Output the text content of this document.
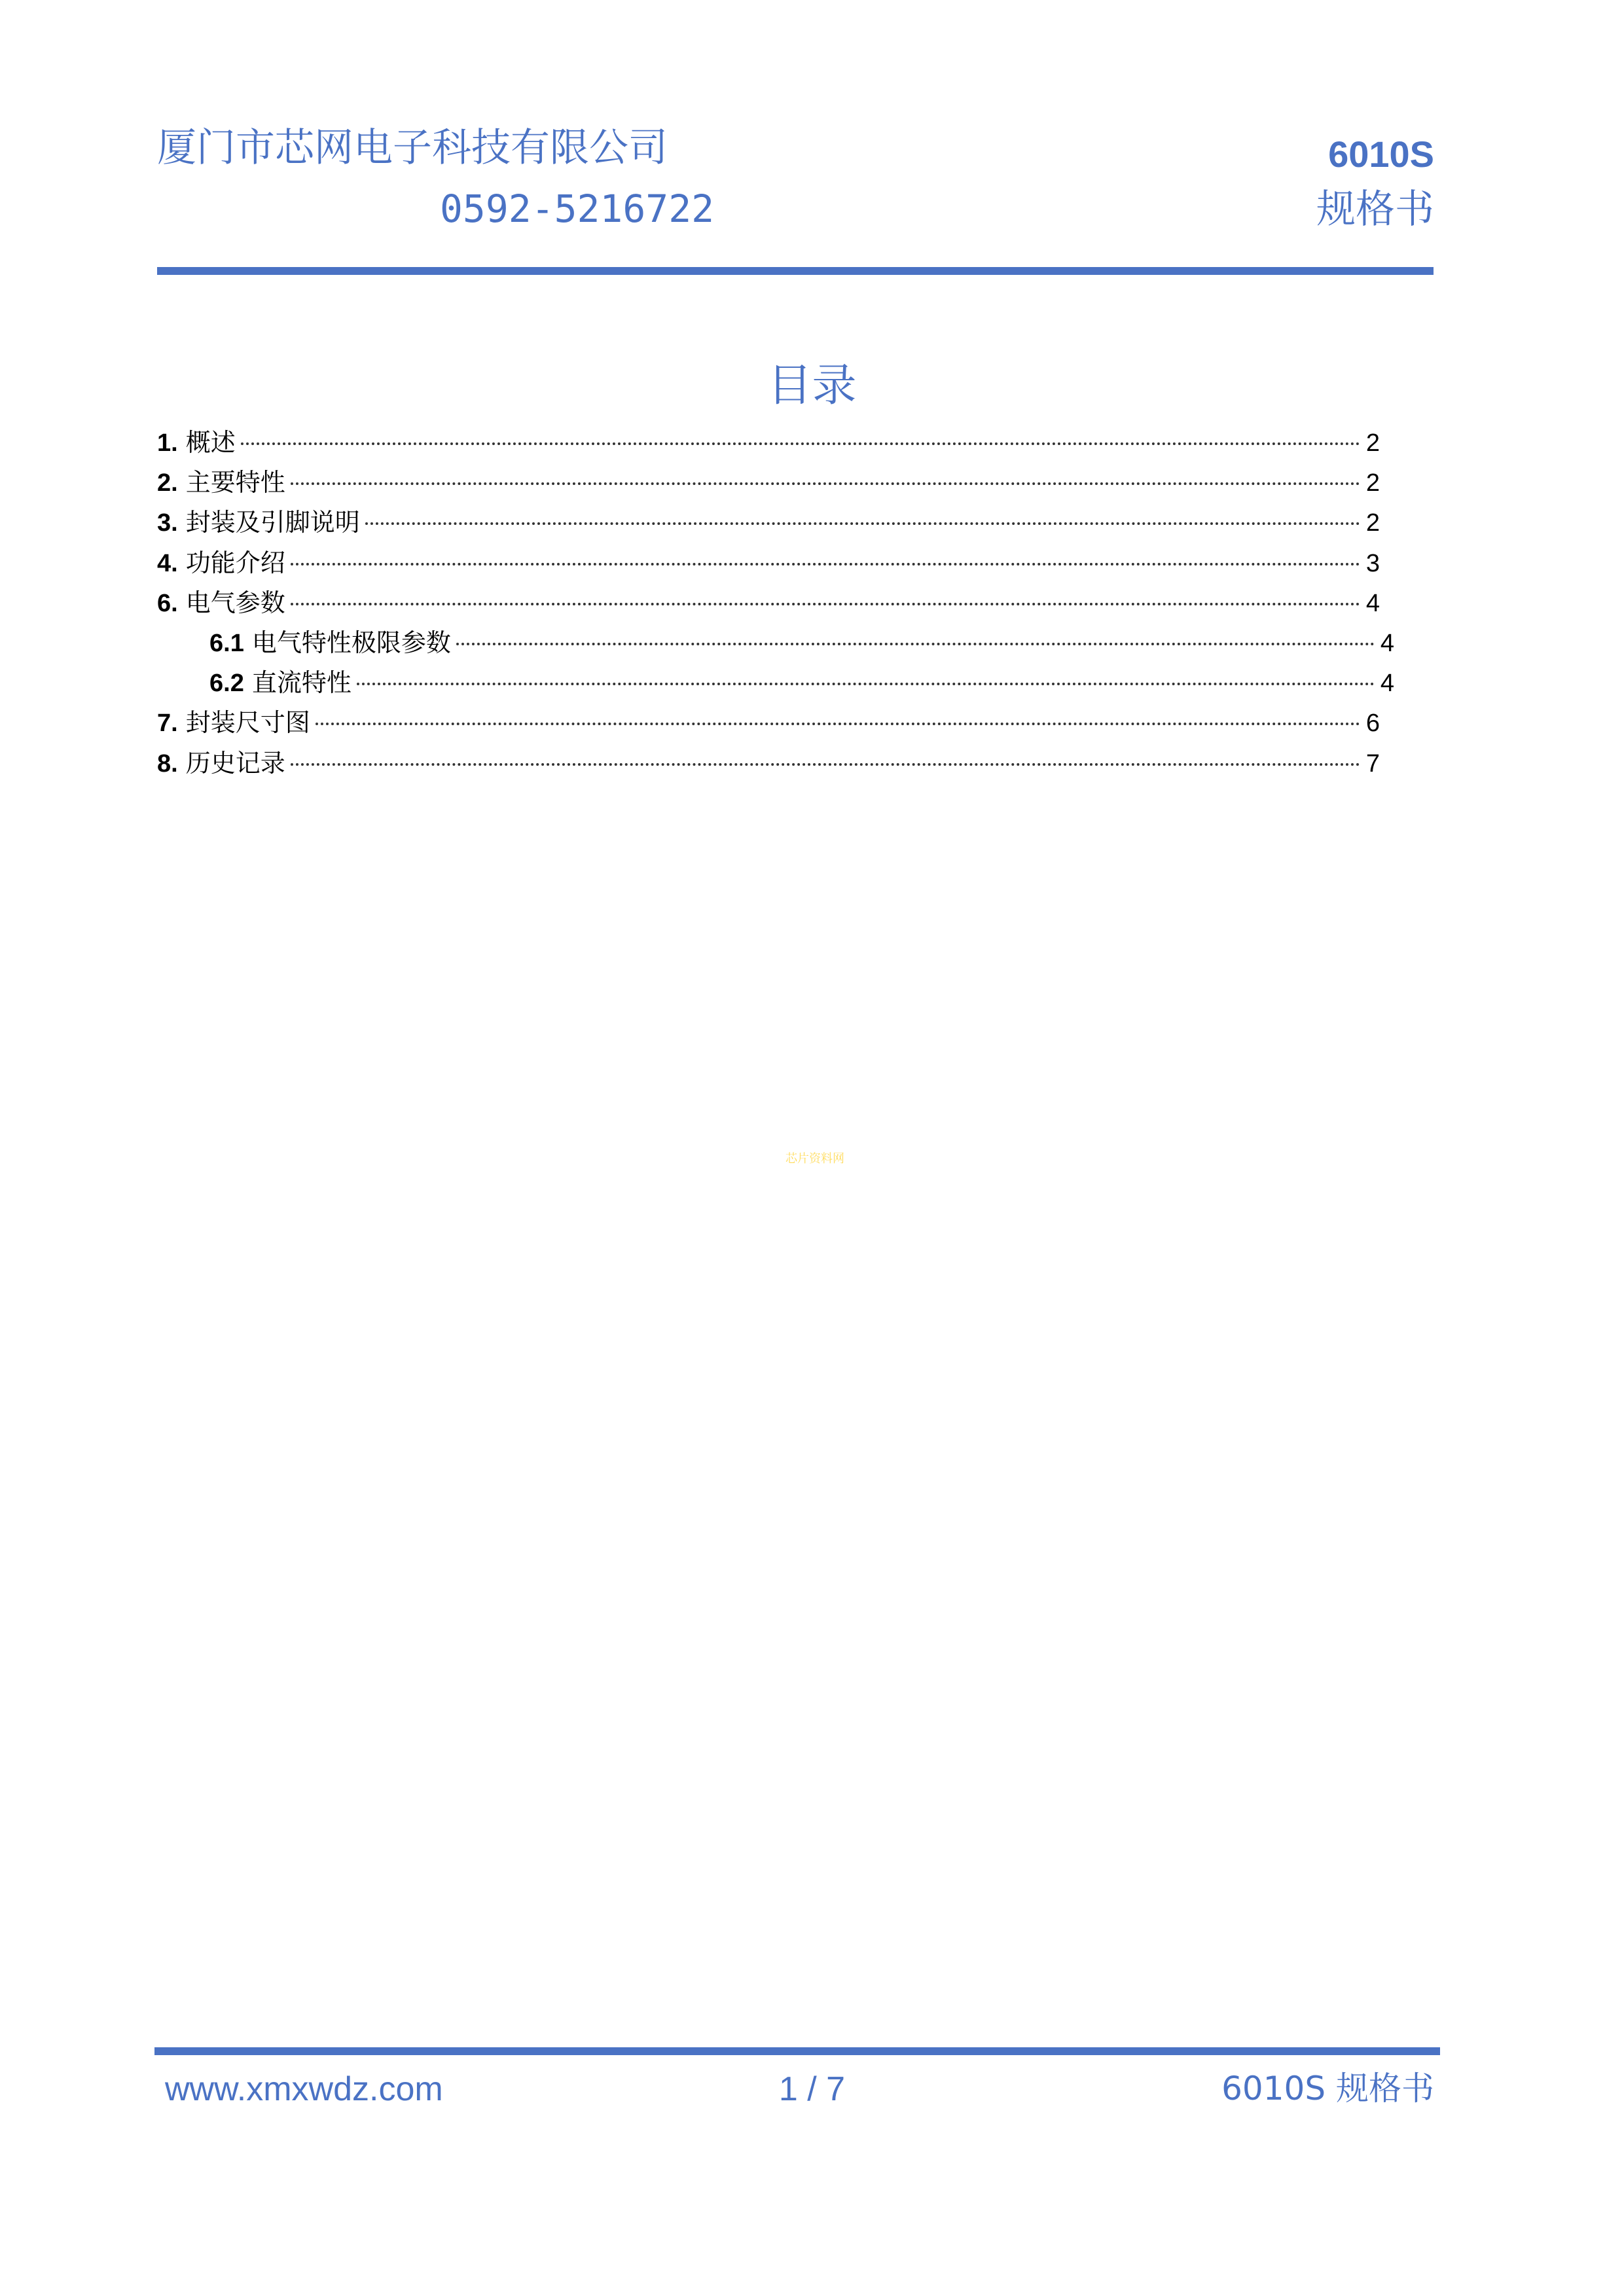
厦门市芯网电子科技有限公司
0592-5216722
6010S
规格书
目录
1. 概述	2
2. 主要特性	2
3. 封装及引脚说明	2
4. 功能介绍	3
6. 电气参数	4
6.1 电气特性极限参数	4
6.2 直流特性	4
7. 封装尺寸图	6
8. 历史记录	7
芯片资料网
www.xmxwdz.com	1 / 7	6010S 规格书
